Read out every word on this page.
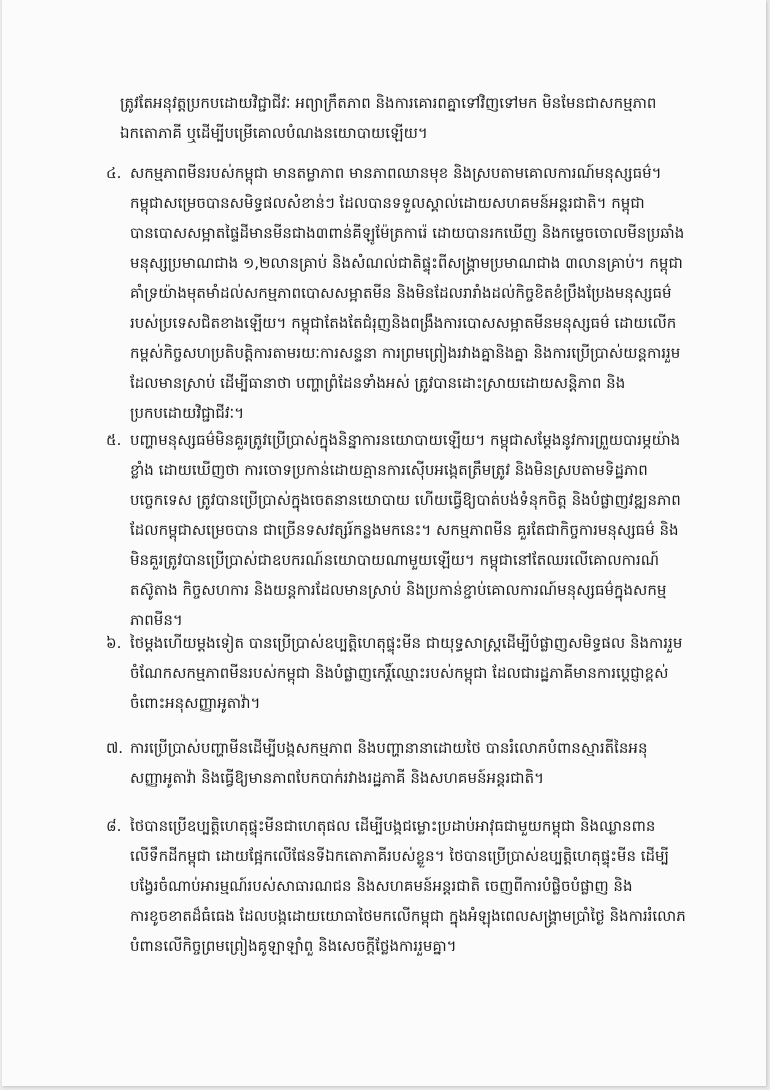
ត្រូវតែអនុវត្តប្រកបដោយវិជ្ជាជីវៈ អព្យាក្រឹតភាព និងការគោរពគ្នាទៅវិញទៅមក មិនមែនជាសកម្មភាពឯកតោភាគី ឬដើម្បីបម្រើគោលបំណងនយោបាយឡើយ។

៤. សកម្មភាពមីនរបស់កម្ពុជា មានតម្លាភាព មានភាពឈានមុខ និងស្របតាមគោលការណ៍មនុស្សធម៌។ កម្ពុជាសម្រេចបានសមិទ្ធផលសំខាន់ៗ ដែលបានទទួលស្គាល់ដោយសហគមន៍អន្តរជាតិ។ កម្ពុជាបានបោសសម្អាតផ្ទៃដីមានមីនជាង៣ពាន់គីឡូម៉ែត្រការ៉េ ដោយបានរកឃើញ និងកម្ទេចចោលមីនប្រឆាំងមនុស្សប្រមាណជាង ១,២លានគ្រាប់ និងសំណល់ជាតិផ្ទុះពីសង្គ្រាមប្រមាណជាង ៣លានគ្រាប់។ កម្ពុជាគាំទ្រយ៉ាងមុតមាំដល់សកម្មភាពបោសសម្អាតមីន និងមិនដែលរារាំងដល់កិច្ចខិតខំប្រឹងប្រែងមនុស្សធម៌របស់ប្រទេសជិតខាងឡើយ។ កម្ពុជាតែងតែជំរុញនិងពង្រឹងការបោសសម្អាតមីនមនុស្សធម៌ ដោយលើកកម្ពស់កិច្ចសហប្រតិបត្តិការតាមរយៈការសន្ទនា ការព្រមព្រៀងរវាងគ្នានិងគ្នា និងការប្រើប្រាស់យន្តការរួមដែលមានស្រាប់ ដើម្បីធានាថា បញ្ហាព្រំដែនទាំងអស់ ត្រូវបានដោះស្រាយដោយសន្តិភាព និងប្រកបដោយវិជ្ជាជីវៈ។
៥. បញ្ហាមនុស្សធម៌មិនគួរត្រូវប្រើប្រាស់ក្នុងនិន្នាការនយោបាយឡើយ។ កម្ពុជាសម្តែងនូវការព្រួយបារម្ភយ៉ាងខ្លាំង ដោយឃើញថា ការចោទប្រកាន់ដោយគ្មានការស៊ើបអង្កេតត្រឹមត្រូវ និងមិនស្របតាមទិដ្ឋភាពបច្ចេកទេស ត្រូវបានប្រើប្រាស់ក្នុងចេតនានយោបាយ ហើយធ្វើឱ្យបាត់បង់ទំនុកចិត្ត និងបំផ្លាញវឌ្ឍនភាពដែលកម្ពុជាសម្រេចបាន ជាច្រើនទសវត្សរ៍កន្លងមកនេះ។ សកម្មភាពមីន គួរតែជាកិច្ចការមនុស្សធម៌ និងមិនគួរត្រូវបានប្រើប្រាស់ជាឧបករណ៍នយោបាយណាមួយឡើយ។ កម្ពុជានៅតែឈរលើគោលការណ៍តស៊ូតាង កិច្ចសហការ និងយន្តការដែលមានស្រាប់ និងប្រកាន់ខ្ជាប់គោលការណ៍មនុស្សធម៌ក្នុងសកម្មភាពមីន។
៦. ថៃម្តងហើយម្តងទៀត បានប្រើប្រាស់ឧប្បត្តិហេតុផ្ទុះមីន ជាយុទ្ធសាស្ត្រដើម្បីបំផ្លាញសមិទ្ធផល និងការរួមចំណែកសកម្មភាពមីនរបស់កម្ពុជា និងបំផ្លាញកេរ្តិ៍ឈ្មោះរបស់កម្ពុជា ដែលជារដ្ឋភាគីមានការប្តេជ្ញាខ្ពស់ចំពោះអនុសញ្ញាអូតាវ៉ា។
៧. ការប្រើប្រាស់បញ្ហាមីនដើម្បីបង្កសកម្មភាព និងបញ្ហានានាដោយថៃ បានរំលោភបំពានស្មារតីនៃអនុសញ្ញាអូតាវ៉ា និងធ្វើឱ្យមានភាពបែកបាក់រវាងរដ្ឋភាគី និងសហគមន៍អន្តរជាតិ។
៨. ថៃបានប្រើឧប្បត្តិហេតុផ្ទុះមីនជាហេតុផល ដើម្បីបង្កជម្លោះប្រដាប់អាវុធជាមួយកម្ពុជា និងឈ្លានពានលើទឹកដីកម្ពុជា ដោយផ្អែកលើផែនទីឯកតោភាគីរបស់ខ្លួន។ ថៃបានប្រើប្រាស់ឧប្បត្តិហេតុផ្ទុះមីន ដើម្បីបង្វែរចំណាប់អារម្មណ៍របស់សាធារណជន និងសហគមន៍អន្តរជាតិ ចេញពីការបំផ្លិចបំផ្លាញ និងការខូចខាតដ៏ធំធេង ដែលបង្កដោយយោធាថៃមកលើកម្ពុជា ក្នុងអំឡុងពេលសង្គ្រាមប្រាំថ្ងៃ និងការរំលោភបំពានលើកិច្ចព្រមព្រៀងគូឡាឡាំពួ និងសេចក្តីថ្លែងការរួមគ្នា។
